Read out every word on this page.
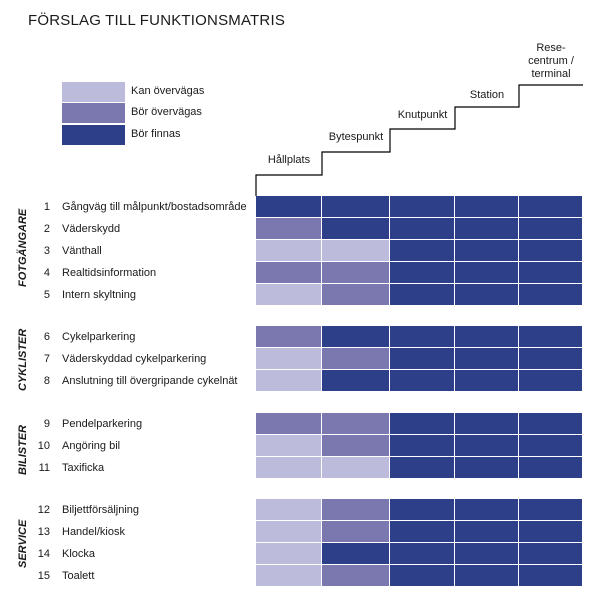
FÖRSLAG TILL FUNKTIONSMATRIS
Kan övervägas
Bör övervägas
Bör finnas
Hållplats
Bytespunkt
Knutpunkt
Station
Rese-
centrum /
terminal
FOTGÄNGARE
1 Gångväg till målpunkt/bostadsområde
2 Väderskydd
3 Vänthall
4 Realtidsinformation
5 Intern skyltning
CYKLISTER	6 Cykelparkering
7 Väderskyddad cykelparkering
8 Anslutning till övergripande cykelnät
BILISTER
9 Pendelparkering
10 Angöring bil
11 Taxificka
SERVICE
12 Biljettförsäljning
13 Handel/kiosk
14 Klocka
15 Toalett
